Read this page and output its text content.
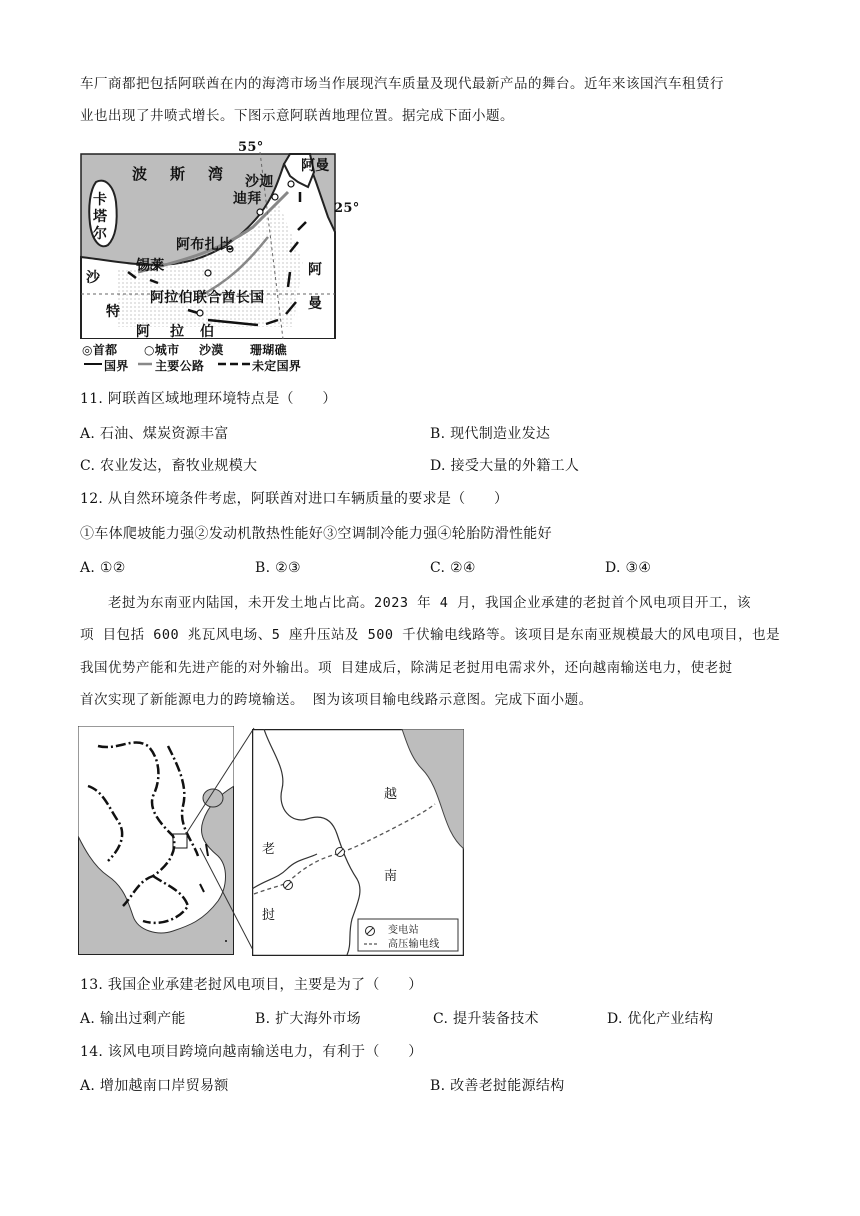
车厂商都把包括阿联酋在内的海湾市场当作展现汽车质量及现代最新产品的舞台。近年来该国汽车租赁行
业也出现了井喷式增长。下图示意阿联酋地理位置。据完成下面小题。
55°
25°
波 斯 湾	阿曼
沙迦
迪拜
卡
塔
尔
阿布扎比
沙
特
锡莱
阿拉伯联合酋长国
阿 拉 伯
阿
曼
◎首都 ○城市 沙漠 珊瑚礁
国界 主要公路	未定国界
11. 阿联酋区域地理环境特点是（　　）
A. 石油、煤炭资源丰富	B. 现代制造业发达
C. 农业发达，畜牧业规模大	D. 接受大量的外籍工人
12. 从自然环境条件考虑，阿联酋对进口车辆质量的要求是（　　）
①车体爬坡能力强②发动机散热性能好③空调制冷能力强④轮胎防滑性能好
A. ①②	B. ②③	C. ②④	D. ③④
老挝为东南亚内陆国，未开发土地占比高。2023 年 4 月，我国企业承建的老挝首个风电项目开工，该
项 目包括 600 兆瓦风电场、5 座升压站及 500 千伏输电线路等。该项目是东南亚规模最大的风电项目，也是
我国优势产能和先进产能的对外输出。项 目建成后，除满足老挝用电需求外，还向越南输送电力，使老挝
首次实现了新能源电力的跨境输送。 图为该项目输电线路示意图。完成下面小题。
越
南
老
挝
变电站
高压输电线
13. 我国企业承建老挝风电项目，主要是为了（　　）
A. 输出过剩产能	B. 扩大海外市场	C. 提升装备技术	D. 优化产业结构
14. 该风电项目跨境向越南输送电力，有利于（　　）
A. 增加越南口岸贸易额	B. 改善老挝能源结构
